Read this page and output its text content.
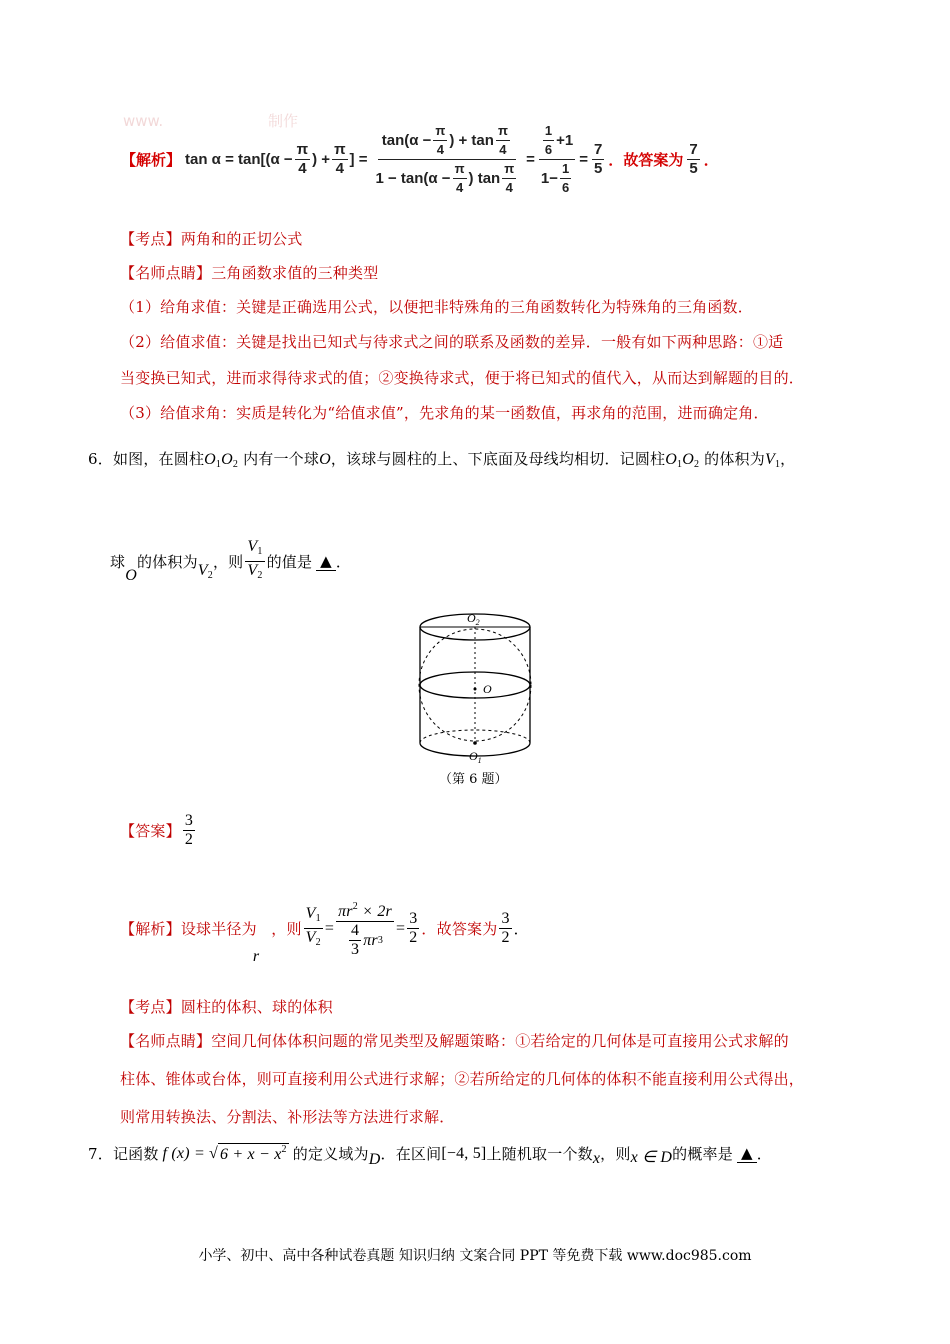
www.	制作
【解析】 $\tan \alpha = \tan[(\alpha - \frac{\pi}{4}$ ) + $\frac{\pi}{4}$ ] = $\frac{\tan(\alpha - \frac{\pi}{4} ) + \tan \frac{\pi}{4}}{1 - \tan(\alpha - \frac{\pi}{4} ) \tan \frac{\pi}{4}} = \frac{\frac{1}{6} +1}{1- \frac{1}{6}} = \frac{7}{5}$ ．故答案为 $\frac{7}{5}$ ．
【考点】两角和的正切公式
【名师点睛】三角函数求值的三种类型
（1）给角求值：关键是正确选用公式，以便把非特殊角的三角函数转化为特殊角的三角函数．
（2）给值求值：关键是找出已知式与待求式之间的联系及函数的差异．一般有如下两种思路：①适
当变换已知式，进而求得待求式的值；②变换待求式，便于将已知式的值代入，从而达到解题的目的．
（3）给值求角：实质是转化为“给值求值”，先求角的某一函数值，再求角的范围，进而确定角．
6．如图，在圆柱$O_1O_2$ 内有一个球O，该球与圆柱的上、下底面及母线均相切．记圆柱$O_1O_2$ 的体积为$V_1$，
球
O
的体积为 $V_2$
，则 $\frac{V_1}{V_2}$ 的值是 ▲ ．
$O_2$
O
$O_1$
（第 6 题）
【答案】 $\frac{3}{2}$
【解析】 设球半径为
r
，则 $\frac{V_1}{V_2} = \frac{\pi r^2 \times 2r}{\frac{4}{3} \pi r 3} = \frac{3}{2}$ ．故答案为 $\frac{3}{2}$ ．
【考点】圆柱的体积、球的体积
【名师点睛】空间几何体体积问题的常见类型及解题策略：①若给定的几何体是可直接用公式求解的
柱体、锥体或台体，则可直接利用公式进行求解；②若所给定的几何体的体积不能直接利用公式得出，
则常用转换法、分割法、补形法等方法进行求解．
7．记函数 f (x) = √ $6 + x - x^2$ 的定义域为 D ．在区间 [−4, 5] 上随机取一个数 x ，则 x ∈ D 的概率是 ▲ ．
小学、初中、高中各种试卷真题 知识归纳 文案合同 PPT 等免费下载 www.doc985.com
